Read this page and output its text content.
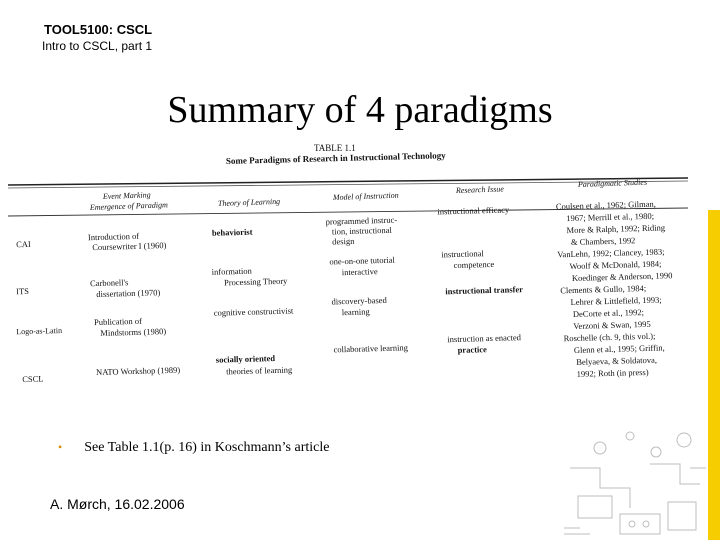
TOOL5100: CSCL
Intro to CSCL, part 1
Summary of 4 paradigms
TABLE 1.1
Some Paradigms of Research in Instructional Technology
Event Marking
Emergence of Paradigm	Theory of Learning
Model of Instruction
Research Issue
Paradigmatic Studies
CAI
Introduction of
Coursewriter I (1960)
behaviorist
programmed instruc-
tion, instructional
design
instructional efficacy
ITS
Carbonell's
dissertation (1970)
information
Processing Theory
one-on-one tutorial
interactive
instructional
competence
Logo-as-Latin
Publication of
Mindstorms (1980)
cognitive constructivist
discovery-based
learning
instructional transfer
CSCL
NATO Workshop (1989)
socially oriented
theories of learning
collaborative learning
instruction as enacted
practice
Coulsen et al., 1962; Gilman,
1967; Merrill et al., 1980;
More & Ralph, 1992; Riding
& Chambers, 1992
VanLehn, 1992; Clancey, 1983;
Woolf & McDonald, 1984;
Koedinger & Anderson, 1990
Clements & Gullo, 1984;
Lehrer & Littlefield, 1993;
DeCorte et al., 1992;
Verzoni & Swan, 1995
Roschelle (ch. 9, this vol.);
Glenn et al., 1995; Griffin,
Belyaeva, & Soldatova,
1992; Roth (in press)
• See Table 1.1(p. 16) in Koschmann’s article
A. Mørch, 16.02.2006
